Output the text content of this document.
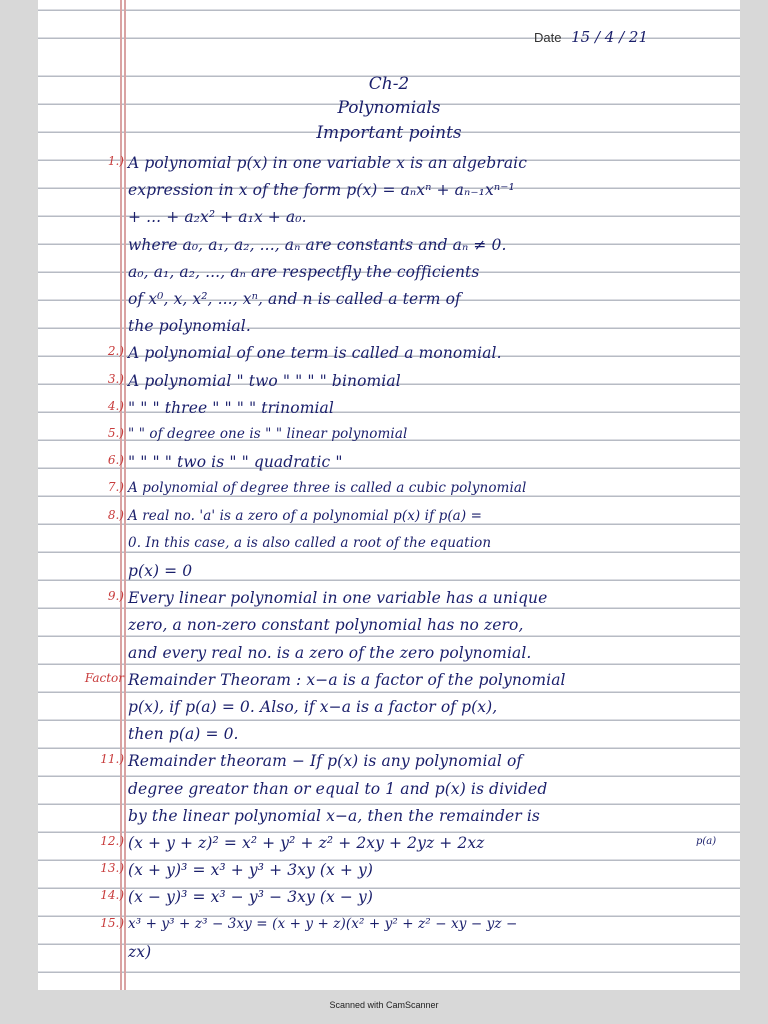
Date 15 / 4 / 21
Ch-2
Polynomials
Important points
1.) A polynomial p(x) in one variable x is an algebraic
expression in x of the form p(x) = aₙxⁿ + aₙ₋₁xⁿ⁻¹
+ ... + a₂x² + a₁x + a₀.
where a₀, a₁, a₂, ..., aₙ are constants and aₙ ≠ 0.
a₀, a₁, a₂, ..., aₙ are respectfly the cofficients
of x⁰, x, x², ..., xⁿ, and n is called a term of
the polynomial.
2.) A polynomial of one term is called a monomial.
3.) A polynomial " two " " " " binomial
4.) " " " three " " " " trinomial
5.) " " of degree one is " " linear polynomial
6.) " " " " two is " " quadratic "
7.) A polynomial of degree three is called a cubic polynomial
8.) A real no. 'a' is a zero of a polynomial p(x) if p(a) =
0. In this case, a is also called a root of the equation
p(x) = 0
9.) Every linear polynomial in one variable has a unique
zero, a non-zero constant polynomial has no zero,
and every real no. is a zero of the zero polynomial.
Factor Remainder Theoram : x−a is a factor of the polynomial
p(x), if p(a) = 0. Also, if x−a is a factor of p(x),
then p(a) = 0.
11.) Remainder theoram − If p(x) is any polynomial of
degree greator than or equal to 1 and p(x) is divided
by the linear polynomial x−a, then the remainder is
12.) (x + y + z)² = x² + y² + z² + 2xy + 2yz + 2xz
13.) (x + y)³ = x³ + y³ + 3xy (x + y)
14.) (x − y)³ = x³ − y³ − 3xy (x − y)
15.) x³ + y³ + z³ − 3xy = (x + y + z)(x² + y² + z² − xy − yz −
zx)
p(a)
Scanned with CamScanner
